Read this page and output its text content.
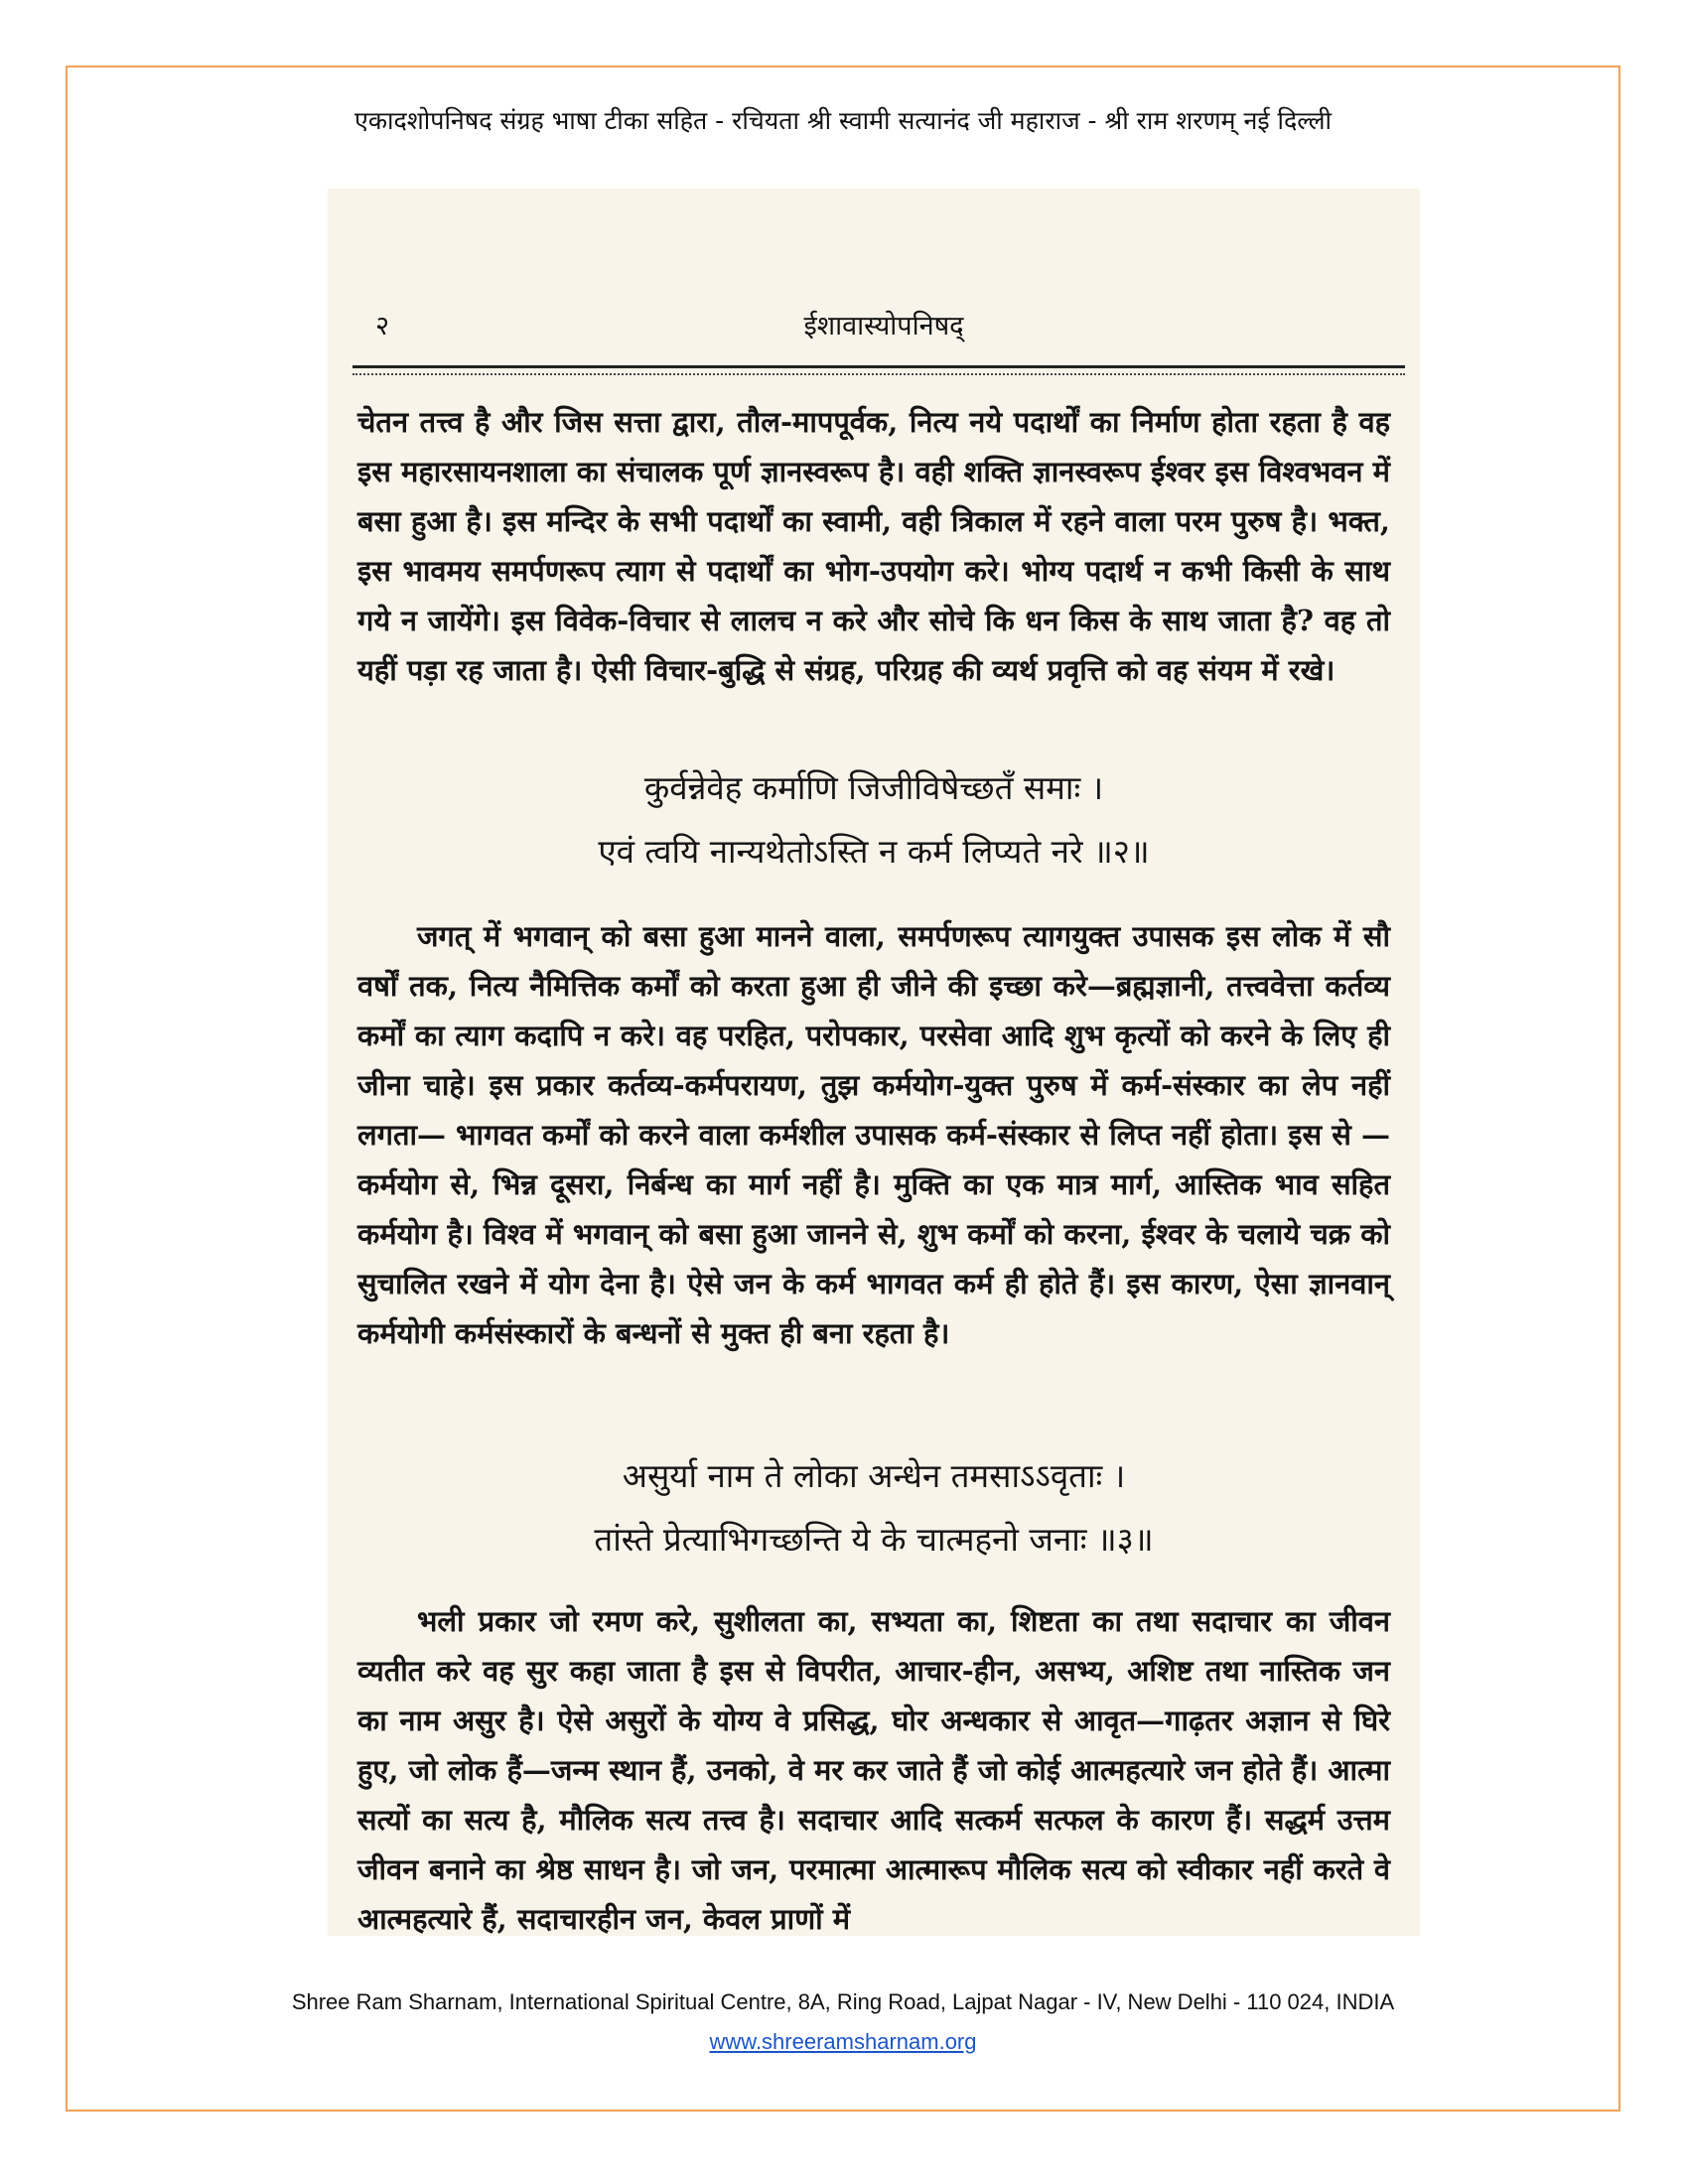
एकादशोपनिषद संग्रह भाषा टीका सहित - रचियता श्री स्वामी सत्यानंद जी महाराज - श्री राम शरणम् नई दिल्ली
२	ईशावास्योपनिषद्

चेतन तत्त्व है और जिस सत्ता द्वारा, तौल-मापपूर्वक, नित्य नये पदार्थों का निर्माण होता रहता है वह इस महारसायनशाला का संचालक पूर्ण ज्ञानस्वरूप है। वही शक्ति ज्ञानस्वरूप ईश्वर इस विश्वभवन में बसा हुआ है। इस मन्दिर के सभी पदार्थों का स्वामी, वही त्रिकाल में रहने वाला परम पुरुष है। भक्त, इस भावमय समर्पणरूप त्याग से पदार्थों का भोग-उपयोग करे। भोग्य पदार्थ न कभी किसी के साथ गये न जायेंगे। इस विवेक-विचार से लालच न करे और सोचे कि धन किस के साथ जाता है? वह तो यहीं पड़ा रह जाता है। ऐसी विचार-बुद्धि से संग्रह, परिग्रह की व्यर्थ प्रवृत्ति को वह संयम में रखे।

कुर्वन्नेवेह कर्माणि जिजीविषेच्छतँ समाः ।
एवं त्वयि नान्यथेतोऽस्ति न कर्म लिप्यते नरे ॥२॥

जगत् में भगवान् को बसा हुआ मानने वाला, समर्पणरूप त्यागयुक्त उपासक इस लोक में सौ वर्षों तक, नित्य नैमित्तिक कर्मों को करता हुआ ही जीने की इच्छा करे—ब्रह्मज्ञानी, तत्त्ववेत्ता कर्तव्य कर्मों का त्याग कदापि न करे। वह परहित, परोपकार, परसेवा आदि शुभ कृत्यों को करने के लिए ही जीना चाहे। इस प्रकार कर्तव्य-कर्मपरायण, तुझ कर्मयोग-युक्त पुरुष में कर्म-संस्कार का लेप नहीं लगता— भागवत कर्मों को करने वाला कर्मशील उपासक कर्म-संस्कार से लिप्त नहीं होता। इस से — कर्मयोग से, भिन्न दूसरा, निर्बन्ध का मार्ग नहीं है। मुक्ति का एक मात्र मार्ग, आस्तिक भाव सहित कर्मयोग है। विश्व में भगवान् को बसा हुआ जानने से, शुभ कर्मों को करना, ईश्वर के चलाये चक्र को सुचालित रखने में योग देना है। ऐसे जन के कर्म भागवत कर्म ही होते हैं। इस कारण, ऐसा ज्ञानवान् कर्मयोगी कर्मसंस्कारों के बन्धनों से मुक्त ही बना रहता है।

असुर्या नाम ते लोका अन्धेन तमसाऽऽवृताः ।
तांस्ते प्रेत्याभिगच्छन्ति ये के चात्महनो जनाः ॥३॥

भली प्रकार जो रमण करे, सुशीलता का, सभ्यता का, शिष्टता का तथा सदाचार का जीवन व्यतीत करे वह सुर कहा जाता है इस से विपरीत, आचार-हीन, असभ्य, अशिष्ट तथा नास्तिक जन का नाम असुर है। ऐसे असुरों के योग्य वे प्रसिद्ध, घोर अन्धकार से आवृत—गाढ़तर अज्ञान से घिरे हुए, जो लोक हैं—जन्म स्थान हैं, उनको, वे मर कर जाते हैं जो कोई आत्महत्यारे जन होते हैं। आत्मा सत्यों का सत्य है, मौलिक सत्य तत्त्व है। सदाचार आदि सत्कर्म सत्फल के कारण हैं। सद्धर्म उत्तम जीवन बनाने का श्रेष्ठ साधन है। जो जन, परमात्मा आत्मारूप मौलिक सत्य को स्वीकार नहीं करते वे आत्महत्यारे हैं, सदाचारहीन जन, केवल प्राणों में

Shree Ram Sharnam, International Spiritual Centre, 8A, Ring Road, Lajpat Nagar - IV, New Delhi - 110 024, INDIA
www.shreeramsharnam.org
